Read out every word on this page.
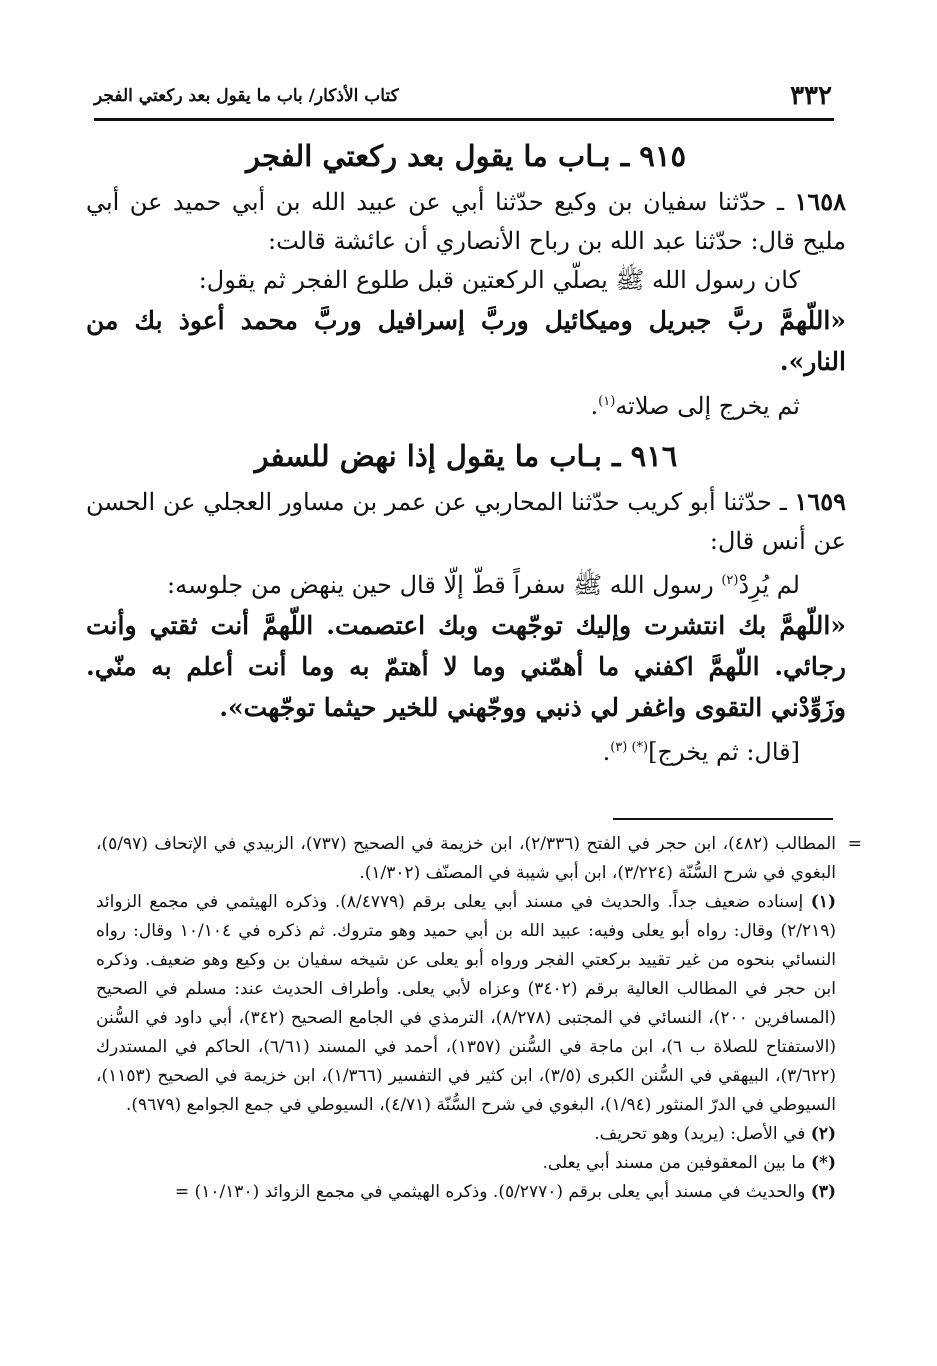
٣٣٢
كتاب الأذكار/ باب ما يقول بعد ركعتي الفجر
٩١٥ ـ بـاب ما يقول بعد ركعتي الفجر

١٦٥٨ ـ حدّثنا سفيان بن وكيع حدّثنا أبي عن عبيد الله بن أبي حميد عن أبي مليح قال: حدّثنا عبد الله بن رباح الأنصاري أن عائشة قالت:

كان رسول الله ﷺ يصلّي الركعتين قبل طلوع الفجر ثم يقول:

«اللّهمَّ ربَّ جبريل وميكائيل وربَّ إسرافيل وربَّ محمد أعوذ بك من النار».

ثم يخرج إلى صلاته$^{(١)}$.

٩١٦ ـ بـاب ما يقول إذا نهض للسفر

١٦٥٩ ـ حدّثنا أبو كريب حدّثنا المحاربي عن عمر بن مساور العجلي عن الحسن عن أنس قال:

لم يُرِدْ$^{(٢)}$ رسول الله ﷺ سفراً قطّ إلّا قال حين ينهض من جلوسه:

«اللّهمَّ بك انتشرت وإليك توجّهت وبك اعتصمت. اللّهمَّ أنت ثقتي وأنت رجائي. اللّهمَّ اكفني ما أهمّني وما لا أهتمّ به وما أنت أعلم به منّي. وزَوِّدْني التقوى واغفر لي ذنبي ووجّهني للخير حيثما توجّهت».

[قال: ثم يخرج]$^{(*) (٣)}$.

=
المطالب (٤٨٢)، ابن حجر في الفتح (٢/٣٣٦)، ابن خزيمة في الصحيح (٧٣٧)، الزبيدي في الإتحاف (٥/٩٧)، البغوي في شرح السُّنّة (٣/٢٢٤)، ابن أبي شيبة في المصنّف (١/٣٠٢).

(١) إسناده ضعيف جداً. والحديث في مسند أبي يعلى برقم (٨/٤٧٧٩). وذكره الهيثمي في مجمع الزوائد (٢/٢١٩) وقال: رواه أبو يعلى وفيه: عبيد الله بن أبي حميد وهو متروك. ثم ذكره في ١٠/١٠٤ وقال: رواه النسائي بنحوه من غير تقييد بركعتي الفجر ورواه أبو يعلى عن شيخه سفيان بن وكيع وهو ضعيف. وذكره ابن حجر في المطالب العالية برقم (٣٤٠٢) وعزاه لأبي يعلى. وأطراف الحديث عند: مسلم في الصحيح (المسافرين ٢٠٠)، النسائي في المجتبى (٨/٢٧٨)، الترمذي في الجامع الصحيح (٣٤٢)، أبي داود في السُّنن (الاستفتاح للصلاة ب ٦)، ابن ماجة في السُّنن (١٣٥٧)، أحمد في المسند (٦/٦١)، الحاكم في المستدرك (٣/٦٢٢)، البيهقي في السُّنن الكبرى (٣/٥)، ابن كثير في التفسير (١/٣٦٦)، ابن خزيمة في الصحيح (١١٥٣)، السيوطي في الدرّ المنثور (١/٩٤)، البغوي في شرح السُّنّة (٤/٧١)، السيوطي في جمع الجوامع (٩٦٧٩).

(٢) في الأصل: (يريد) وهو تحريف.

(*) ما بين المعقوفين من مسند أبي يعلى.

(٣) والحديث في مسند أبي يعلى برقم (٥/٢٧٧٠). وذكره الهيثمي في مجمع الزوائد (١٠/١٣٠) =
